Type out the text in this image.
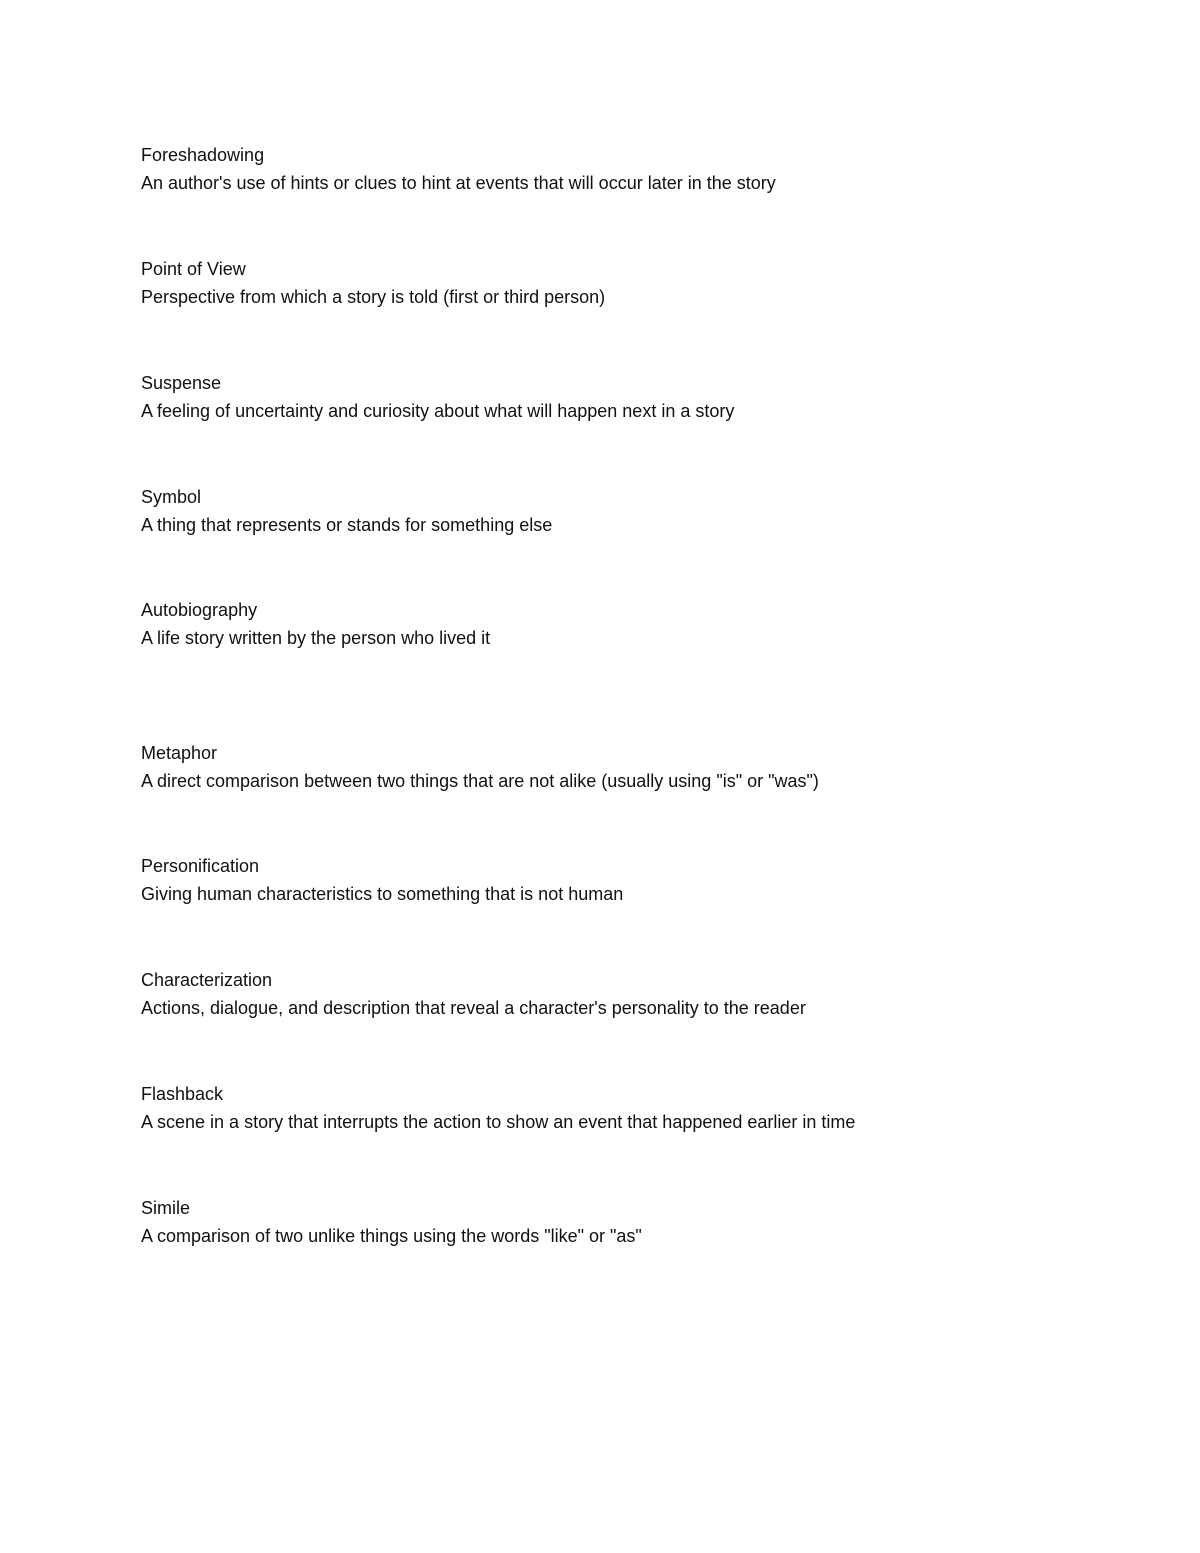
Foreshadowing
An author's use of hints or clues to hint at events that will occur later in the story
Point of View
Perspective from which a story is told (first or third person)
Suspense
A feeling of uncertainty and curiosity about what will happen next in a story
Symbol
A thing that represents or stands for something else
Autobiography
A life story written by the person who lived it
Metaphor
A direct comparison between two things that are not alike (usually using "is" or "was")
Personification
Giving human characteristics to something that is not human
Characterization
Actions, dialogue, and description that reveal a character's personality to the reader
Flashback
A scene in a story that interrupts the action to show an event that happened earlier in time
Simile
A comparison of two unlike things using the words "like" or "as"
